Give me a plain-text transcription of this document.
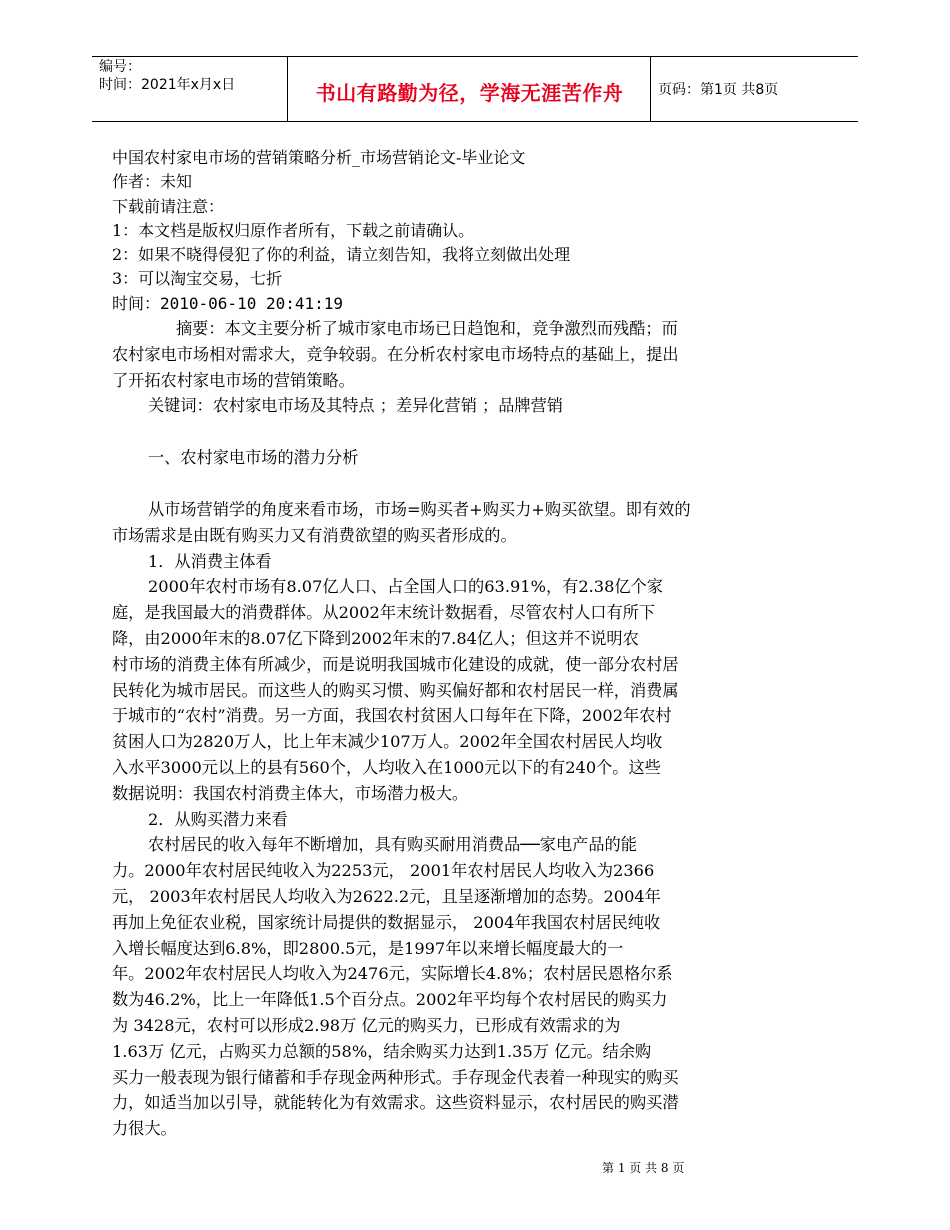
编号：
时间：2021年x月x日	书山有路勤为径，学海无涯苦作舟	页码：第1页 共8页
中国农村家电市场的营销策略分析_市场营销论文-毕业论文
作者：未知
下载前请注意：
1：本文档是版权归原作者所有，下载之前请确认。
2：如果不晓得侵犯了你的利益，请立刻告知，我将立刻做出处理
3：可以淘宝交易，七折
时间：2010-06-10 20:41:19
摘要：本文主要分析了城市家电市场已日趋饱和，竞争激烈而残酷；而
农村家电市场相对需求大，竞争较弱。在分析农村家电市场特点的基础上，提出
了开拓农村家电市场的营销策略。
关键词：农村家电市场及其特点 ；差异化营销 ；品牌营销
一、农村家电市场的潜力分析
从市场营销学的角度来看市场，市场=购买者+购买力+购买欲望。即有效的
市场需求是由既有购买力又有消费欲望的购买者形成的。
1．从消费主体看
2000年农村市场有8.07亿人口、占全国人口的63.91%，有2.38亿个家
庭，是我国最大的消费群体。从2002年末统计数据看，尽管农村人口有所下
降，由2000年末的8.07亿下降到2002年末的7.84亿人；但这并不说明农
村市场的消费主体有所减少，而是说明我国城市化建设的成就，使一部分农村居
民转化为城市居民。而这些人的购买习惯、购买偏好都和农村居民一样，消费属
于城市的“农村”消费。另一方面，我国农村贫困人口每年在下降，2002年农村
贫困人口为2820万人，比上年末减少107万人。2002年全国农村居民人均收
入水平3000元以上的县有560个，人均收入在1000元以下的有240个。这些
数据说明：我国农村消费主体大，市场潜力极大。
2．从购买潜力来看
农村居民的收入每年不断增加，具有购买耐用消费品──家电产品的能
力。2000年农村居民纯收入为2253元， 2001年农村居民人均收入为2366
元， 2003年农村居民人均收入为2622.2元，且呈逐渐增加的态势。2004年
再加上免征农业税，国家统计局提供的数据显示， 2004年我国农村居民纯收
入增长幅度达到6.8%，即2800.5元，是1997年以来增长幅度最大的一
年。2002年农村居民人均收入为2476元，实际增长4.8%；农村居民恩格尔系
数为46.2%，比上一年降低1.5个百分点。2002年平均每个农村居民的购买力
为 3428元，农村可以形成2.98万 亿元的购买力，已形成有效需求的为
1.63万 亿元，占购买力总额的58%，结余购买力达到1.35万 亿元。结余购
买力一般表现为银行储蓄和手存现金两种形式。手存现金代表着一种现实的购买
力，如适当加以引导，就能转化为有效需求。这些资料显示，农村居民的购买潜
力很大。
第 1 页 共 8 页
